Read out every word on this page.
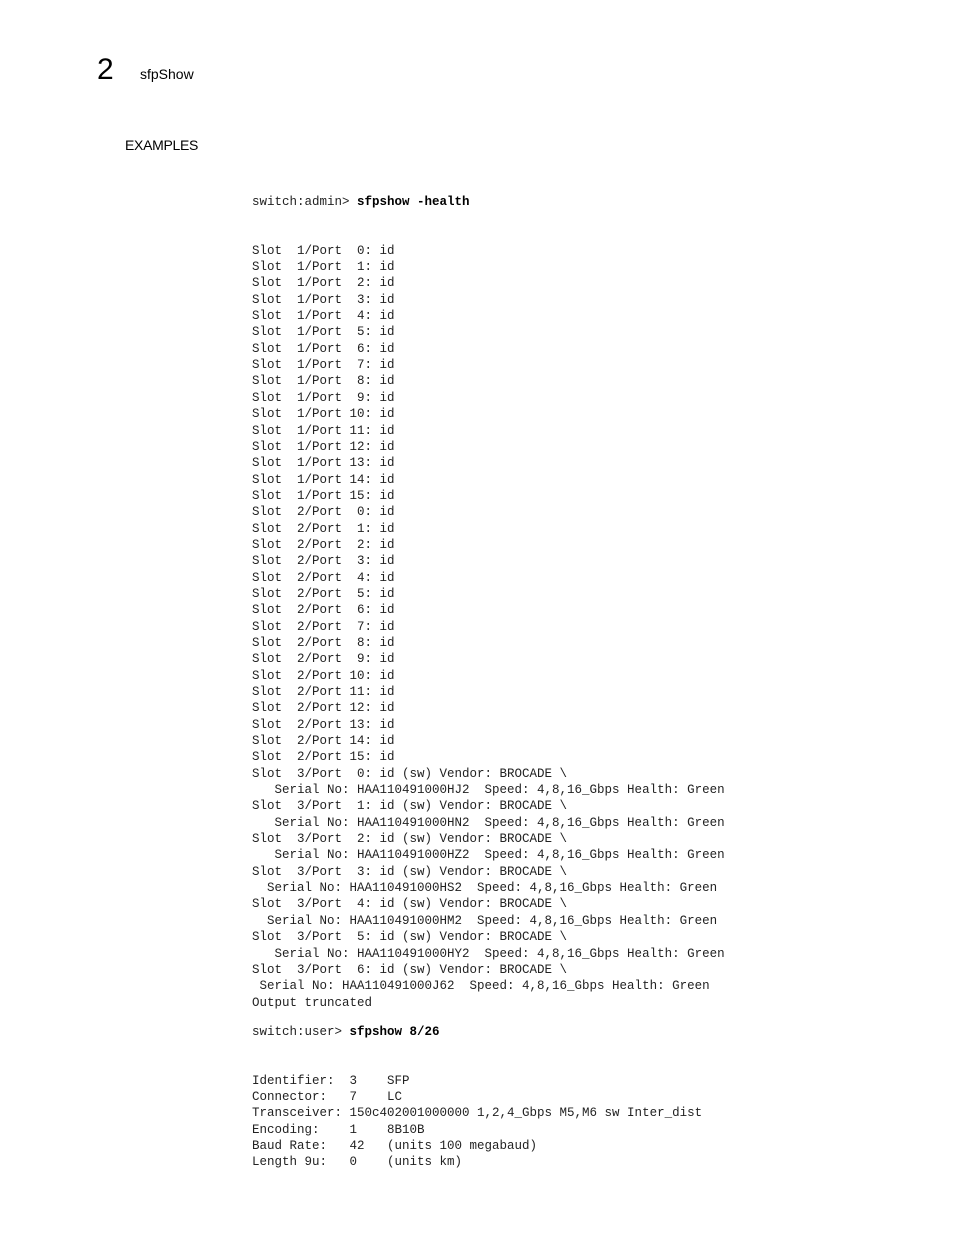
2 sfpShow
EXAMPLES

switch:admin> sfpshow -health

Slot  1/Port  0: id
Slot  1/Port  1: id
Slot  1/Port  2: id
Slot  1/Port  3: id
Slot  1/Port  4: id
Slot  1/Port  5: id
Slot  1/Port  6: id
Slot  1/Port  7: id
Slot  1/Port  8: id
Slot  1/Port  9: id
Slot  1/Port 10: id
Slot  1/Port 11: id
Slot  1/Port 12: id
Slot  1/Port 13: id
Slot  1/Port 14: id
Slot  1/Port 15: id
Slot  2/Port  0: id
Slot  2/Port  1: id
Slot  2/Port  2: id
Slot  2/Port  3: id
Slot  2/Port  4: id
Slot  2/Port  5: id
Slot  2/Port  6: id
Slot  2/Port  7: id
Slot  2/Port  8: id
Slot  2/Port  9: id
Slot  2/Port 10: id
Slot  2/Port 11: id
Slot  2/Port 12: id
Slot  2/Port 13: id
Slot  2/Port 14: id
Slot  2/Port 15: id
Slot  3/Port  0: id (sw) Vendor: BROCADE \
Serial No: HAA110491000HJ2  Speed: 4,8,16_Gbps Health: Green
Slot  3/Port  1: id (sw) Vendor: BROCADE \
Serial No: HAA110491000HN2  Speed: 4,8,16_Gbps Health: Green
Slot  3/Port  2: id (sw) Vendor: BROCADE \
Serial No: HAA110491000HZ2  Speed: 4,8,16_Gbps Health: Green
Slot  3/Port  3: id (sw) Vendor: BROCADE \
Serial No: HAA110491000HS2  Speed: 4,8,16_Gbps Health: Green
Slot  3/Port  4: id (sw) Vendor: BROCADE \
Serial No: HAA110491000HM2  Speed: 4,8,16_Gbps Health: Green
Slot  3/Port  5: id (sw) Vendor: BROCADE \
Serial No: HAA110491000HY2  Speed: 4,8,16_Gbps Health: Green
Slot  3/Port  6: id (sw) Vendor: BROCADE \
Serial No: HAA110491000J62  Speed: 4,8,16_Gbps Health: Green
Output truncated

switch:user> sfpshow 8/26

Identifier:  3    SFP
Connector:   7    LC
Transceiver: 150c402001000000 1,2,4_Gbps M5,M6 sw Inter_dist
Encoding:    1    8B10B
Baud Rate:   42   (units 100 megabaud)
Length 9u:   0    (units km)
